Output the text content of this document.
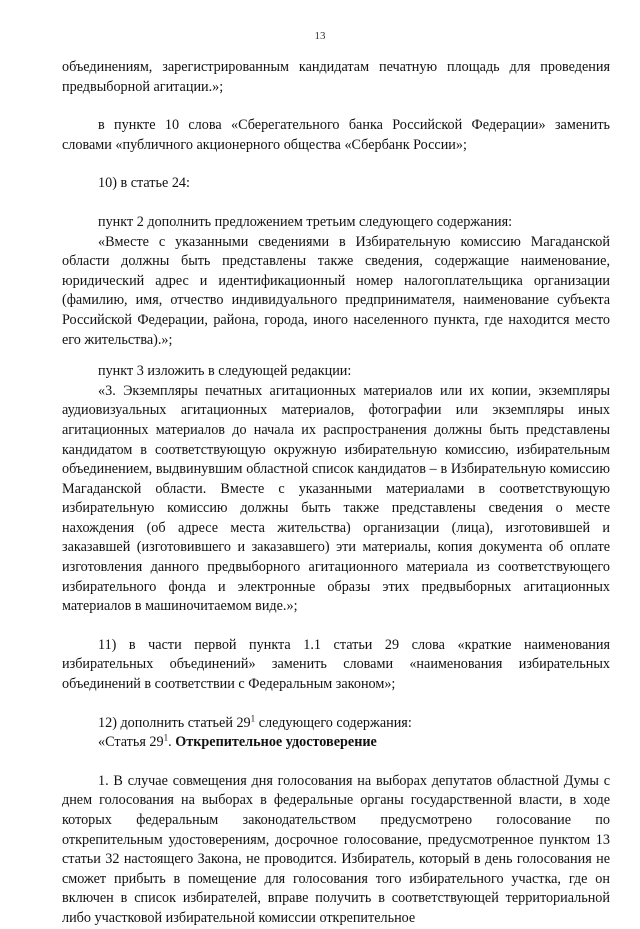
13

объединениям, зарегистрированным кандидатам печатную площадь для проведения предвыборной агитации.»;

в пункте 10 слова «Сберегательного банка Российской Федерации» заменить словами «публичного акционерного общества «Сбербанк России»;

10) в статье 24:

пункт 2 дополнить предложением третьим следующего содержания:

«Вместе с указанными сведениями в Избирательную комиссию Магаданской области должны быть представлены также сведения, содержащие наименование, юридический адрес и идентификационный номер налогоплательщика организации (фамилию, имя, отчество индивидуального предпринимателя, наименование субъекта Российской Федерации, района, города, иного населенного пункта, где находится место его жительства).»;

пункт 3 изложить в следующей редакции:

«3. Экземпляры печатных агитационных материалов или их копии, экземпляры аудиовизуальных агитационных материалов, фотографии или экземпляры иных агитационных материалов до начала их распространения должны быть представлены кандидатом в соответствующую окружную избирательную комиссию, избирательным объединением, выдвинувшим областной список кандидатов – в Избирательную комиссию Магаданской области. Вместе с указанными материалами в соответствующую избирательную комиссию должны быть также представлены сведения о месте нахождения (об адресе места жительства) организации (лица), изготовившей и заказавшей (изготовившего и заказавшего) эти материалы, копия документа об оплате изготовления данного предвыборного агитационного материала из соответствующего избирательного фонда и электронные образы этих предвыборных агитационных материалов в машиночитаемом виде.»;

11) в части первой пункта 1.1 статьи 29 слова «краткие наименования избирательных объединений» заменить словами «наименования избирательных объединений в соответствии с Федеральным законом»;

12) дополнить статьей $29^1$ следующего содержания:

«Статья $29^1$. Открепительное удостоверение

1. В случае совмещения дня голосования на выборах депутатов областной Думы с днем голосования на выборах в федеральные органы государственной власти, в ходе которых федеральным законодательством предусмотрено голосование по открепительным удостоверениям, досрочное голосование, предусмотренное пунктом 13 статьи 32 настоящего Закона, не проводится. Избиратель, который в день голосования не сможет прибыть в помещение для голосования того избирательного участка, где он включен в список избирателей, вправе получить в соответствующей территориальной либо участковой избирательной комиссии открепительное
